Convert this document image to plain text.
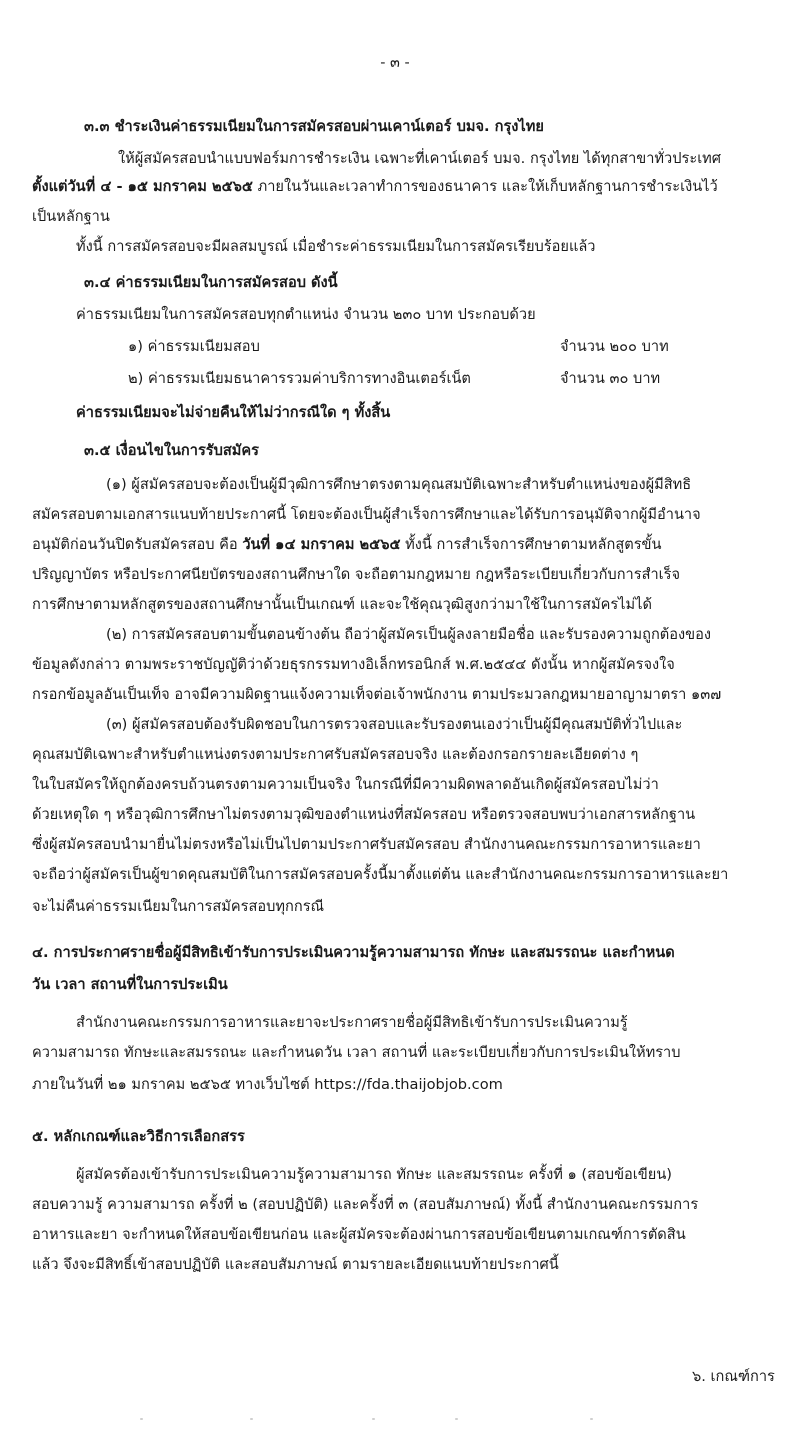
- ๓ -
๓.๓ ชำระเงินค่าธรรมเนียมในการสมัครสอบผ่านเคาน์เตอร์ บมจ. กรุงไทย
ให้ผู้สมัครสอบนำแบบฟอร์มการชำระเงิน เฉพาะที่เคาน์เตอร์ บมจ. กรุงไทย ได้ทุกสาขาทั่วประเทศ
ตั้งแต่วันที่ ๔ - ๑๕ มกราคม ๒๕๖๕ ภายในวันและเวลาทำการของธนาคาร และให้เก็บหลักฐานการชำระเงินไว้
เป็นหลักฐาน
ทั้งนี้ การสมัครสอบจะมีผลสมบูรณ์ เมื่อชำระค่าธรรมเนียมในการสมัครเรียบร้อยแล้ว
๓.๔ ค่าธรรมเนียมในการสมัครสอบ ดังนี้
ค่าธรรมเนียมในการสมัครสอบทุกตำแหน่ง จำนวน ๒๓๐ บาท ประกอบด้วย
๑) ค่าธรรมเนียมสอบ	จำนวน ๒๐๐ บาท
๒) ค่าธรรมเนียมธนาคารรวมค่าบริการทางอินเตอร์เน็ต	จำนวน ๓๐ บาท
ค่าธรรมเนียมจะไม่จ่ายคืนให้ไม่ว่ากรณีใด ๆ ทั้งสิ้น
๓.๕ เงื่อนไขในการรับสมัคร
(๑) ผู้สมัครสอบจะต้องเป็นผู้มีวุฒิการศึกษาตรงตามคุณสมบัติเฉพาะสำหรับตำแหน่งของผู้มีสิทธิ
สมัครสอบตามเอกสารแนบท้ายประกาศนี้ โดยจะต้องเป็นผู้สำเร็จการศึกษาและได้รับการอนุมัติจากผู้มีอำนาจ
อนุมัติก่อนวันปิดรับสมัครสอบ คือ วันที่ ๑๔ มกราคม ๒๕๖๕ ทั้งนี้ การสำเร็จการศึกษาตามหลักสูตรขั้น
ปริญญาบัตร หรือประกาศนียบัตรของสถานศึกษาใด จะถือตามกฎหมาย กฎหรือระเบียบเกี่ยวกับการสำเร็จ
การศึกษาตามหลักสูตรของสถานศึกษานั้นเป็นเกณฑ์ และจะใช้คุณวุฒิสูงกว่ามาใช้ในการสมัครไม่ได้
(๒) การสมัครสอบตามขั้นตอนข้างต้น ถือว่าผู้สมัครเป็นผู้ลงลายมือชื่อ และรับรองความถูกต้องของ
ข้อมูลดังกล่าว ตามพระราชบัญญัติว่าด้วยธุรกรรมทางอิเล็กทรอนิกส์ พ.ศ.๒๕๔๔ ดังนั้น หากผู้สมัครจงใจ
กรอกข้อมูลอันเป็นเท็จ อาจมีความผิดฐานแจ้งความเท็จต่อเจ้าพนักงาน ตามประมวลกฎหมายอาญามาตรา ๑๓๗
(๓) ผู้สมัครสอบต้องรับผิดชอบในการตรวจสอบและรับรองตนเองว่าเป็นผู้มีคุณสมบัติทั่วไปและ
คุณสมบัติเฉพาะสำหรับตำแหน่งตรงตามประกาศรับสมัครสอบจริง และต้องกรอกรายละเอียดต่าง ๆ
ในใบสมัครให้ถูกต้องครบถ้วนตรงตามความเป็นจริง ในกรณีที่มีความผิดพลาดอันเกิดผู้สมัครสอบไม่ว่า
ด้วยเหตุใด ๆ หรือวุฒิการศึกษาไม่ตรงตามวุฒิของตำแหน่งที่สมัครสอบ หรือตรวจสอบพบว่าเอกสารหลักฐาน
ซึ่งผู้สมัครสอบนำมายื่นไม่ตรงหรือไม่เป็นไปตามประกาศรับสมัครสอบ สำนักงานคณะกรรมการอาหารและยา
จะถือว่าผู้สมัครเป็นผู้ขาดคุณสมบัติในการสมัครสอบครั้งนี้มาตั้งแต่ต้น และสำนักงานคณะกรรมการอาหารและยา
จะไม่คืนค่าธรรมเนียมในการสมัครสอบทุกกรณี
๔. การประกาศรายชื่อผู้มีสิทธิเข้ารับการประเมินความรู้ความสามารถ ทักษะ และสมรรถนะ และกำหนด
วัน เวลา สถานที่ในการประเมิน
สำนักงานคณะกรรมการอาหารและยาจะประกาศรายชื่อผู้มีสิทธิเข้ารับการประเมินความรู้
ความสามารถ ทักษะและสมรรถนะ และกำหนดวัน เวลา สถานที่ และระเบียบเกี่ยวกับการประเมินให้ทราบ
ภายในวันที่ ๒๑ มกราคม ๒๕๖๕ ทางเว็บไซต์ https://fda.thaijobjob.com
๕. หลักเกณฑ์และวิธีการเลือกสรร
ผู้สมัครต้องเข้ารับการประเมินความรู้ความสามารถ ทักษะ และสมรรถนะ ครั้งที่ ๑ (สอบข้อเขียน)
สอบความรู้ ความสามารถ ครั้งที่ ๒ (สอบปฏิบัติ) และครั้งที่ ๓ (สอบสัมภาษณ์) ทั้งนี้ สำนักงานคณะกรรมการ
อาหารและยา จะกำหนดให้สอบข้อเขียนก่อน และผู้สมัครจะต้องผ่านการสอบข้อเขียนตามเกณฑ์การตัดสิน
แล้ว จึงจะมีสิทธิ์เข้าสอบปฏิบัติ และสอบสัมภาษณ์ ตามรายละเอียดแนบท้ายประกาศนี้
๖. เกณฑ์การ
